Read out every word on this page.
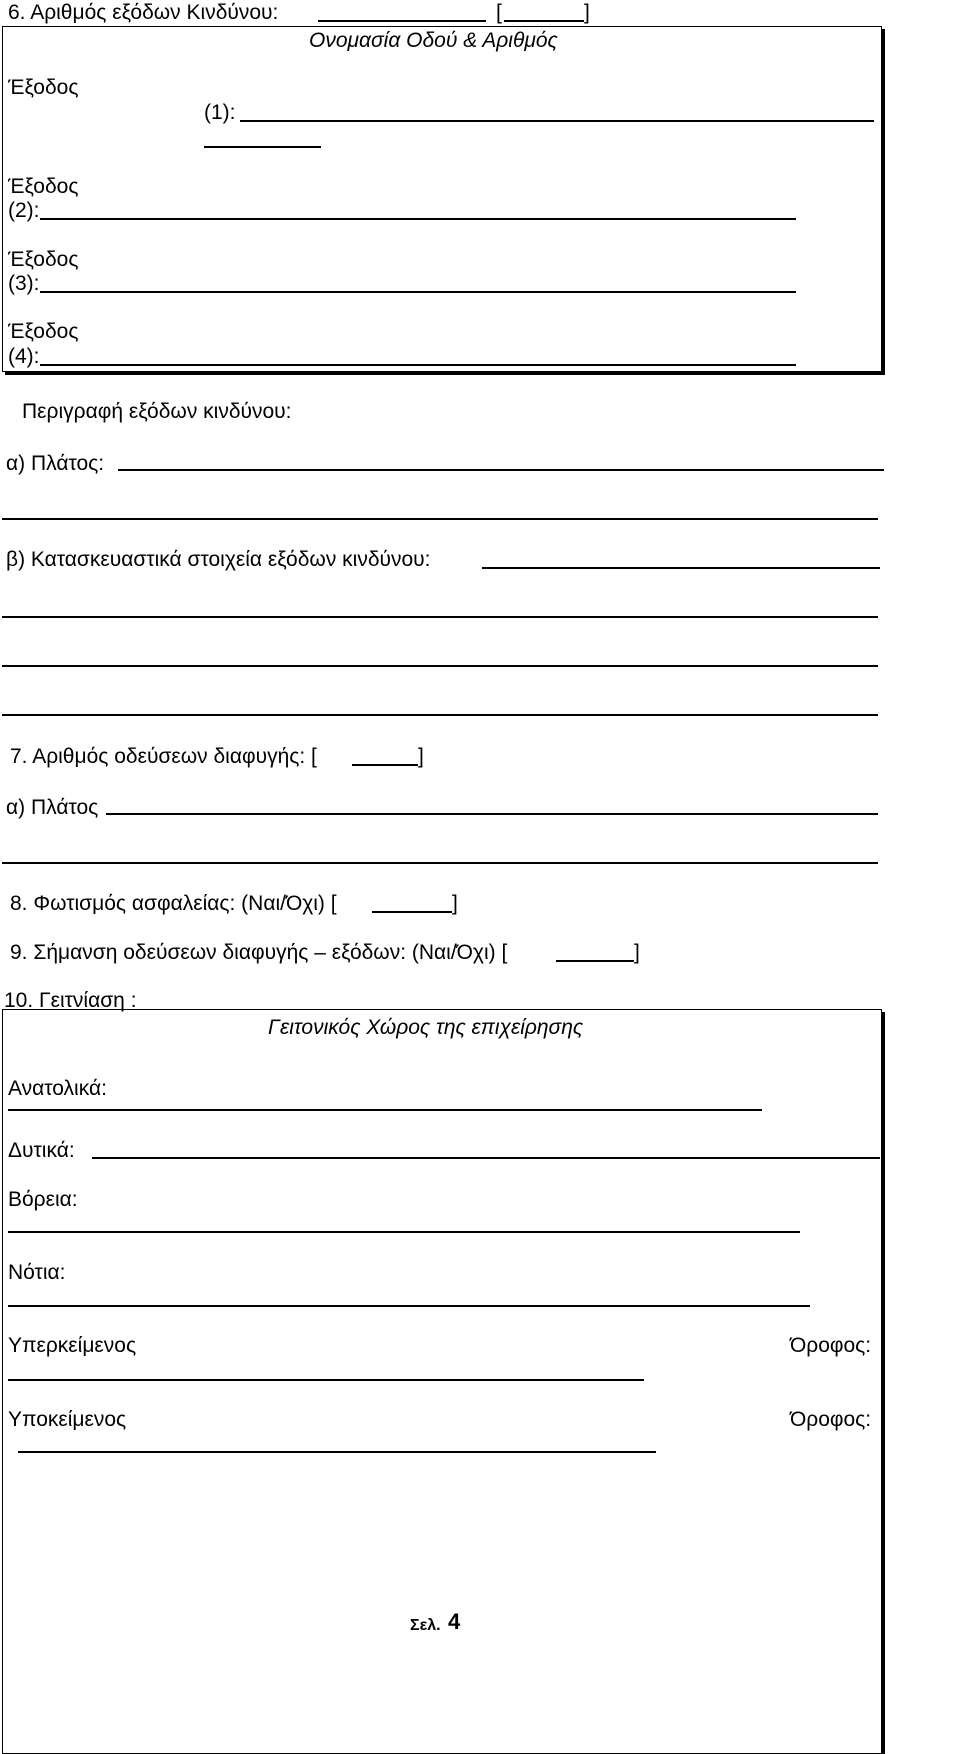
6. Αριθμός εξόδων Κινδύνου:	[	]
Ονομασία Οδού & Αριθμός
Έξοδος
(1):
Έξοδος
(2):
Έξοδος
(3):
Έξοδος
(4):
Περιγραφή εξόδων κινδύνου:
α) Πλάτος:
β) Κατασκευαστικά στοιχεία εξόδων κινδύνου:
7. Αριθμός οδεύσεων διαφυγής: [	]
α) Πλάτος
8. Φωτισμός ασφαλείας: (Ναι/Όχι) [	]
9. Σήμανση οδεύσεων διαφυγής – εξόδων: (Ναι/Όχι) [	]
10. Γειτνίαση :
Γειτονικός Χώρος της επιχείρησης
Ανατολικά:
Δυτικά:
Βόρεια:
Νότια:
Υπερκείμενος	Όροφος:
Υποκείμενος	Όροφος:
Σελ. 4
